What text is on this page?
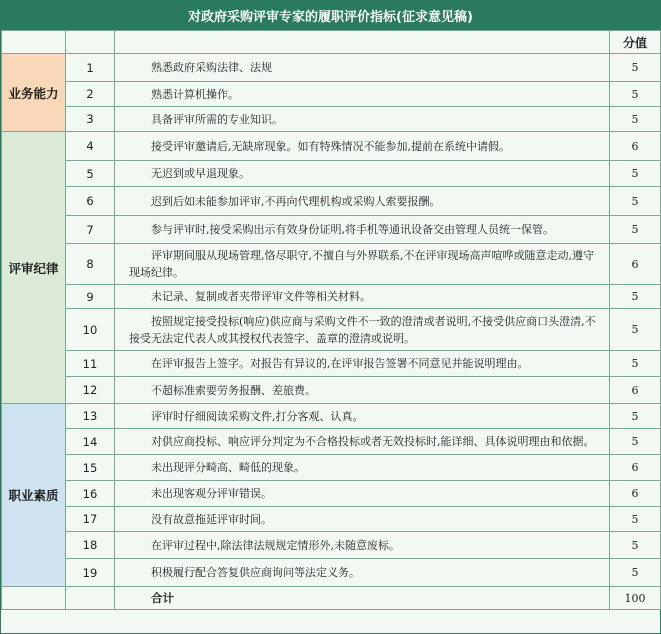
对政府采购评审专家的履职评价指标(征求意见稿)
			分值
业务能力	1	熟悉政府采购法律、法规	5
	2	熟悉计算机操作。	5
	3	具备评审所需的专业知识。	5
评审纪律	4	接受评审邀请后,无缺席现象。如有特殊情况不能参加,提前在系统中请假。	6
	5	无迟到或早退现象。	5
	6	迟到后如未能参加评审,不再向代理机构或采购人索要报酬。	5
	7	参与评审时,接受采购出示有效身份证明,将手机等通讯设备交由管理人员统一保管。	5
	8	评审期间服从现场管理,恪尽职守,不擅自与外界联系,不在评审现场高声喧哗或随意走动,遵守现场纪律。	6
	9	未记录、复制或者夹带评审文件等相关材料。	5
	10	按照规定接受投标(响应)供应商与采购文件不一致的澄清或者说明,不接受供应商口头澄清,不接受无法定代表人或其授权代表签字、盖章的澄清或说明。	5
	11	在评审报告上签字。对报告有异议的,在评审报告签署不同意见并能说明理由。	5
	12	不超标准索要劳务报酬、差旅费。	6
职业素质	13	评审时仔细阅读采购文件,打分客观、认真。	5
	14	对供应商投标、响应评分判定为不合格投标或者无效投标时,能详细、具体说明理由和依据。	5
	15	未出现评分畸高、畸低的现象。	6
	16	未出现客观分评审错误。	6
	17	没有故意拖延评审时间。	5
	18	在评审过程中,除法律法规规定情形外,未随意废标。	5
	19	积极履行配合答复供应商询问等法定义务。	5

		合计	100
